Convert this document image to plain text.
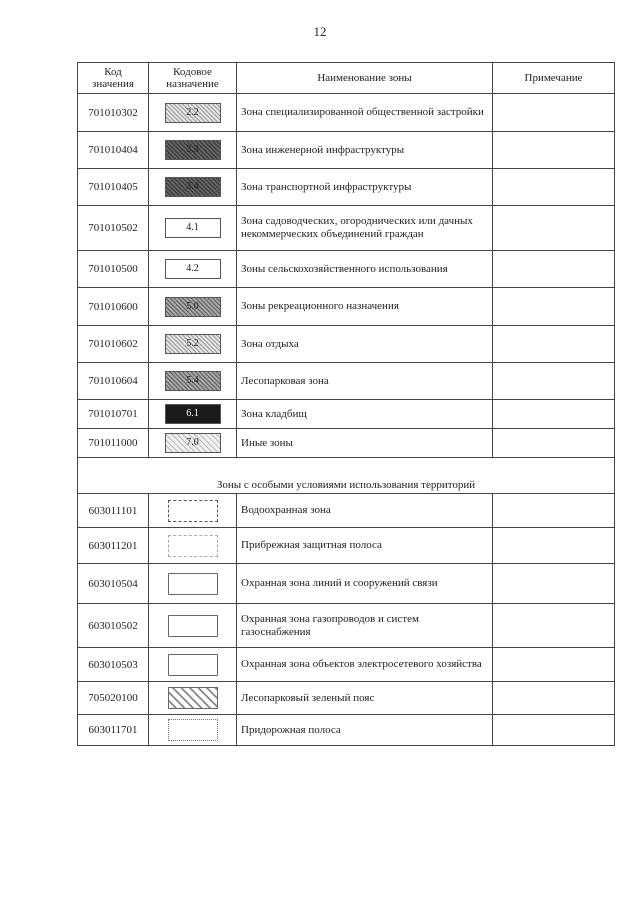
12
Код значения	Кодовое назначение	Наименование зоны	Примечание
701010302	2.2	Зона специализированной общественной застройки	
701010404	3.3	Зона инженерной инфраструктуры	
701010405	3.4	Зона транспортной инфраструктуры	
701010502	4.1	Зона садоводческих, огороднических или дачных некоммерческих объединений граждан	
701010500	4.2	Зоны сельскохозяйственного использования	
701010600	5.0	Зоны рекреационного назначения	
701010602	5.2	Зона отдыха	
701010604	5.4	Лесопарковая зона	
701010701	6.1	Зона кладбищ	
701011000	7.0	Иные зоны	
Зоны с особыми условиями использования территорий			
603011101		Водоохранная зона	
603011201		Прибрежная защитная полоса	
603010504		Охранная зона линий и сооружений связи	
603010502		Охранная зона газопроводов и систем газоснабжения	
603010503		Охранная зона объектов электросетевого хозяйства	
705020100		Лесопарковый зеленый пояс	
603011701		Придорожная полоса	
